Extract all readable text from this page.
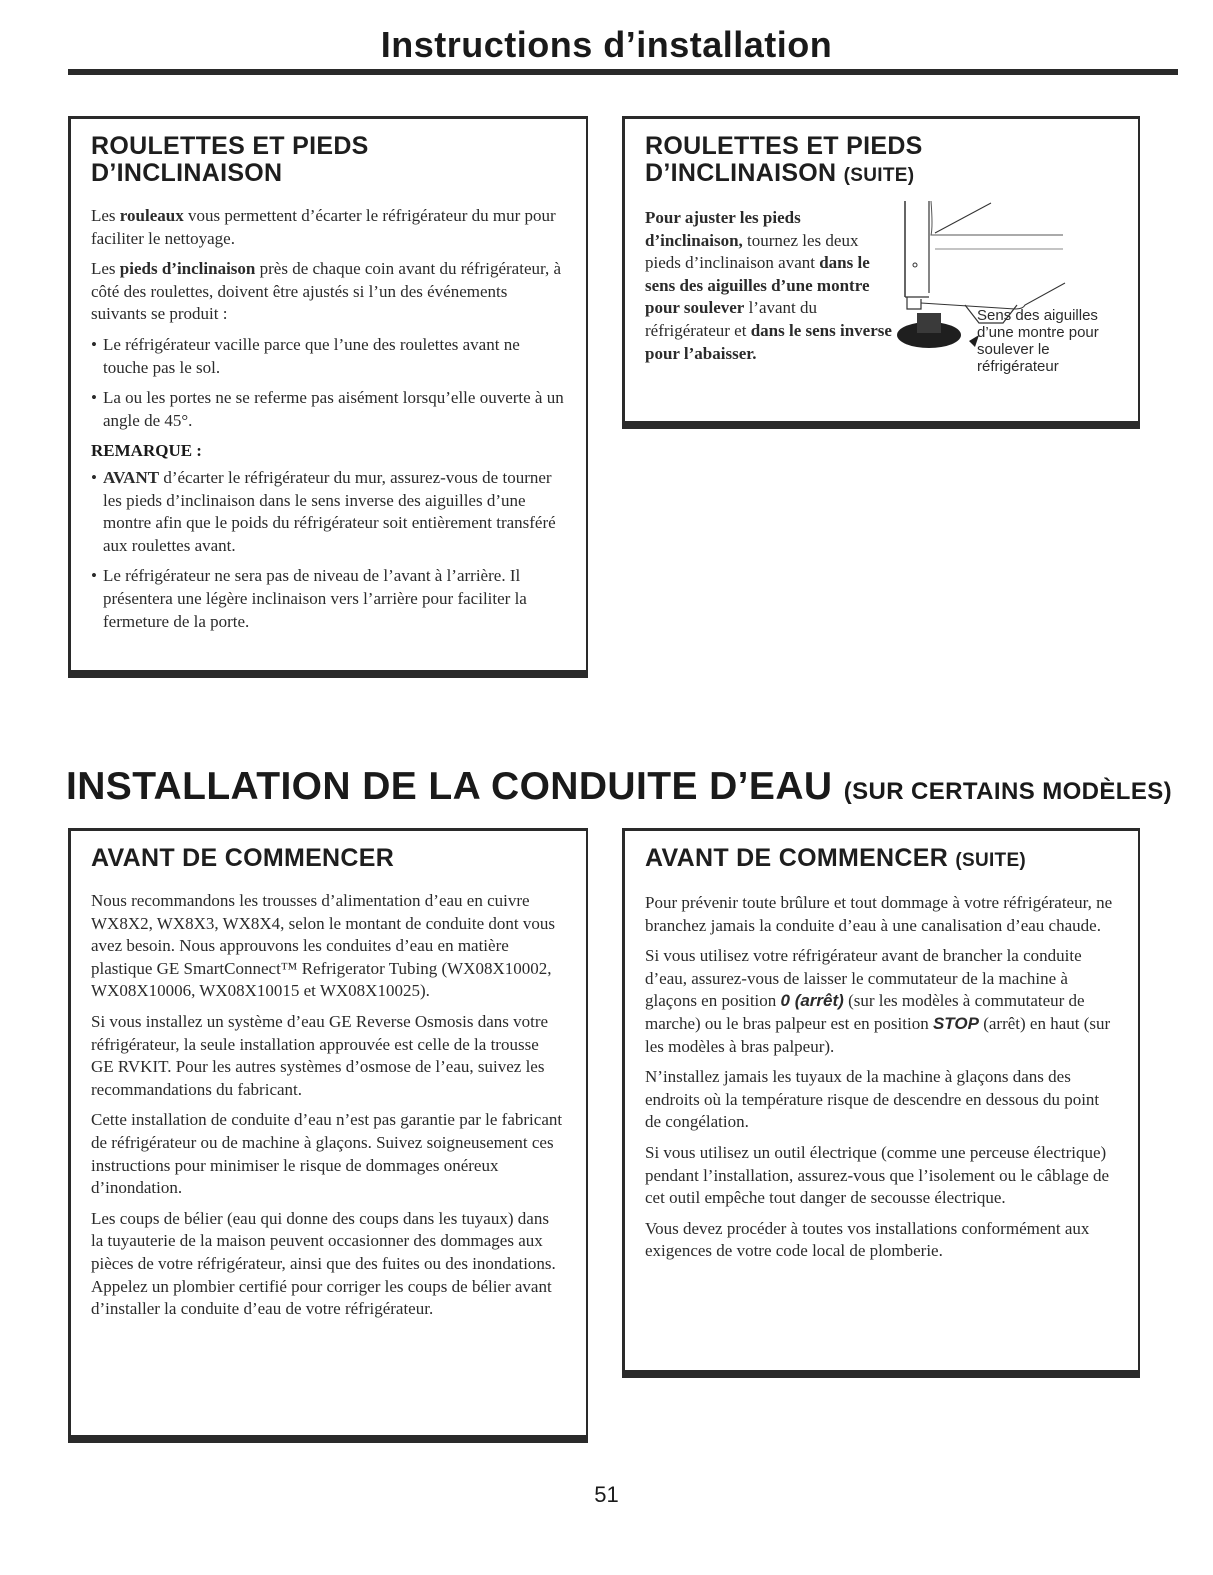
Instructions d’installation
ROULETTES ET PIEDS
D’INCLINAISON

Les rouleaux vous permettent d’écarter le réfrigérateur du mur pour faciliter le nettoyage.

Les pieds d’inclinaison près de chaque coin avant du réfrigérateur, à côté des roulettes, doivent être ajustés si l’un des événements suivants se produit :

• Le réfrigérateur vacille parce que l’une des roulettes avant ne touche pas le sol.
• La ou les portes ne se referme pas aisément lorsqu’elle ouverte à un angle de 45°.
REMARQUE :
• AVANT d’écarter le réfrigérateur du mur, assurez-vous de tourner les pieds d’inclinaison dans le sens inverse des aiguilles d’une montre afin que le poids du réfrigérateur soit entièrement transféré aux roulettes avant.
• Le réfrigérateur ne sera pas de niveau de l’avant à l’arrière. Il présentera une légère inclinaison vers l’arrière pour faciliter la fermeture de la porte.
ROULETTES ET PIEDS
D’INCLINAISON (SUITE)

Pour ajuster les pieds d’inclinaison, tournez les deux pieds d’inclinaison avant dans le sens des aiguilles d’une montre pour soulever l’avant du réfrigérateur et dans le sens inverse pour l’abaisser.

Sens des aiguilles
d’une montre pour
soulever le
réfrigérateur
INSTALLATION DE LA CONDUITE D’EAU (SUR CERTAINS MODÈLES)
AVANT DE COMMENCER

Nous recommandons les trousses d’alimentation d’eau en cuivre WX8X2, WX8X3, WX8X4, selon le montant de conduite dont vous avez besoin. Nous approuvons les conduites d’eau en matière plastique GE SmartConnect™ Refrigerator Tubing (WX08X10002, WX08X10006, WX08X10015 et WX08X10025).

Si vous installez un système d’eau GE Reverse Osmosis dans votre réfrigérateur, la seule installation approuvée est celle de la trousse GE RVKIT. Pour les autres systèmes d’osmose de l’eau, suivez les recommandations du fabricant.

Cette installation de conduite d’eau n’est pas garantie par le fabricant de réfrigérateur ou de machine à glaçons. Suivez soigneusement ces instructions pour minimiser le risque de dommages onéreux d’inondation.

Les coups de bélier (eau qui donne des coups dans les tuyaux) dans la tuyauterie de la maison peuvent occasionner des dommages aux pièces de votre réfrigérateur, ainsi que des fuites ou des inondations. Appelez un plombier certifié pour corriger les coups de bélier avant d’installer la conduite d’eau de votre réfrigérateur.

AVANT DE COMMENCER (SUITE)

Pour prévenir toute brûlure et tout dommage à votre réfrigérateur, ne branchez jamais la conduite d’eau à une canalisation d’eau chaude.

Si vous utilisez votre réfrigérateur avant de brancher la conduite d’eau, assurez-vous de laisser le commutateur de la machine à glaçons en position 0 (arrêt) (sur les modèles à commutateur de marche) ou le bras palpeur est en position STOP (arrêt) en haut (sur les modèles à bras palpeur).

N’installez jamais les tuyaux de la machine à glaçons dans des endroits où la température risque de descendre en dessous du point de congélation.

Si vous utilisez un outil électrique (comme une perceuse électrique) pendant l’installation, assurez-vous que l’isolement ou le câblage de cet outil empêche tout danger de secousse électrique.

Vous devez procéder à toutes vos installations conformément aux exigences de votre code local de plomberie.

51
